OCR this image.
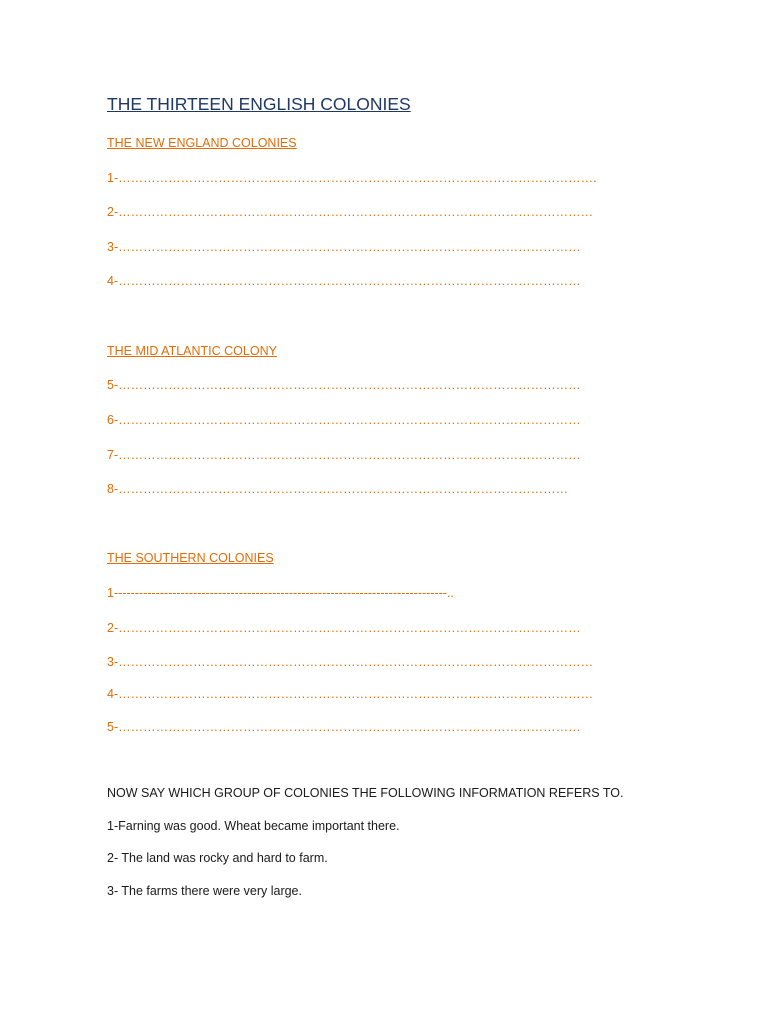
THE THIRTEEN ENGLISH COLONIES
THE NEW ENGLAND COLONIES
1-…………………………………………………………………………………………………….
2-……………………………………………………………………………………………………
3-…………………………………………………………………………………………………
4-…………………………………………………………………………………………………
THE MID ATLANTIC COLONY
5-…………………………………………………………………………………………………
6-…………………………………………………………………………………………………
7-…………………………………………………………………………………………………
8-………………………………………………………………………………………………
THE SOUTHERN COLONIES
1--------------------------------------------------------------------------------..
2-…………………………………………………………………………………………………
3-……………………………………………………………………………………………………
4-……………………………………………………………………………………………………
5-…………………………………………………………………………………………………
NOW SAY WHICH GROUP OF COLONIES THE FOLLOWING INFORMATION REFERS TO.
1-Farning was good. Wheat became important there.
2- The land was rocky and hard to farm.
3- The farms there were very large.
